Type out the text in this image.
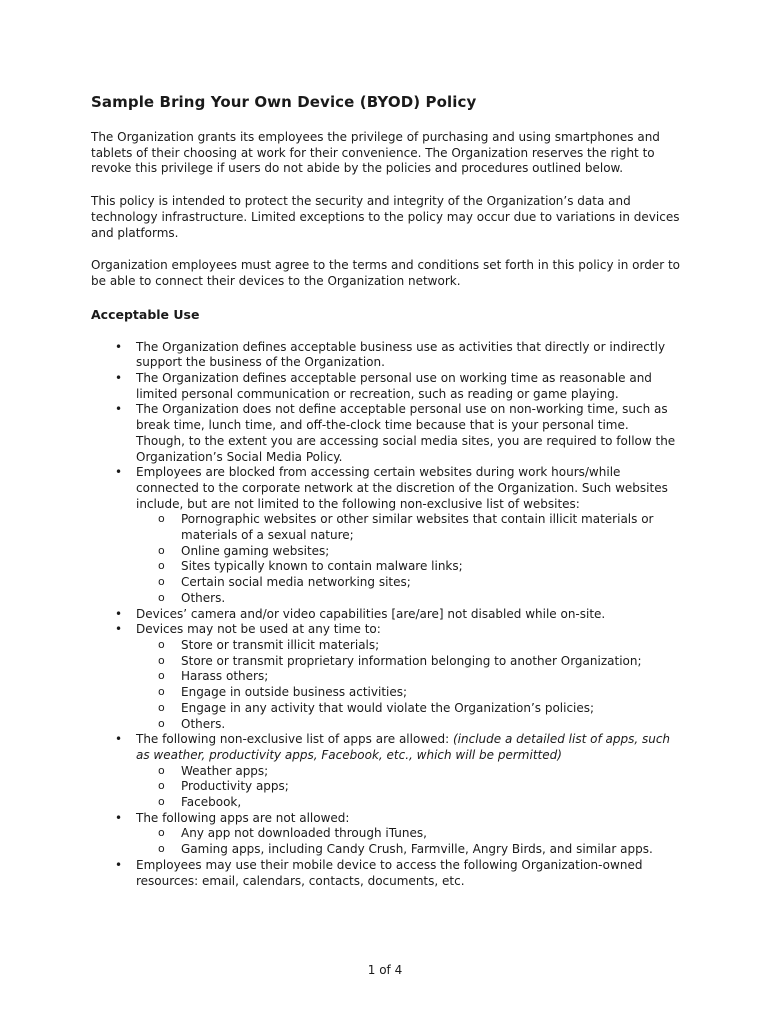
Sample Bring Your Own Device (BYOD) Policy

The Organization grants its employees the privilege of purchasing and using smartphones and tablets of their choosing at work for their convenience. The Organization reserves the right to revoke this privilege if users do not abide by the policies and procedures outlined below.

This policy is intended to protect the security and integrity of the Organization’s data and technology infrastructure. Limited exceptions to the policy may occur due to variations in devices and platforms.

Organization employees must agree to the terms and conditions set forth in this policy in order to be able to connect their devices to the Organization network.

Acceptable Use
• The Organization defines acceptable business use as activities that directly or indirectly support the business of the Organization.
• The Organization defines acceptable personal use on working time as reasonable and limited personal communication or recreation, such as reading or game playing.
• The Organization does not define acceptable personal use on non-working time, such as break time, lunch time, and off-the-clock time because that is your personal time. Though, to the extent you are accessing social media sites, you are required to follow the Organization’s Social Media Policy.
• Employees are blocked from accessing certain websites during work hours/while connected to the corporate network at the discretion of the Organization. Such websites include, but are not limited to the following non-exclusive list of websites:
o Pornographic websites or other similar websites that contain illicit materials or materials of a sexual nature;
o Online gaming websites;
o Sites typically known to contain malware links;
o Certain social media networking sites;
o Others.
• Devices’ camera and/or video capabilities [are/are] not disabled while on-site.
• Devices may not be used at any time to:
o Store or transmit illicit materials;
o Store or transmit proprietary information belonging to another Organization;
o Harass others;
o Engage in outside business activities;
o Engage in any activity that would violate the Organization’s policies;
o Others.
• The following non-exclusive list of apps are allowed: (include a detailed list of apps, such as weather, productivity apps, Facebook, etc., which will be permitted)
o Weather apps;
o Productivity apps;
o Facebook,
• The following apps are not allowed:
o Any app not downloaded through iTunes,
o Gaming apps, including Candy Crush, Farmville, Angry Birds, and similar apps.
• Employees may use their mobile device to access the following Organization-owned resources: email, calendars, contacts, documents, etc.
1 of 4
